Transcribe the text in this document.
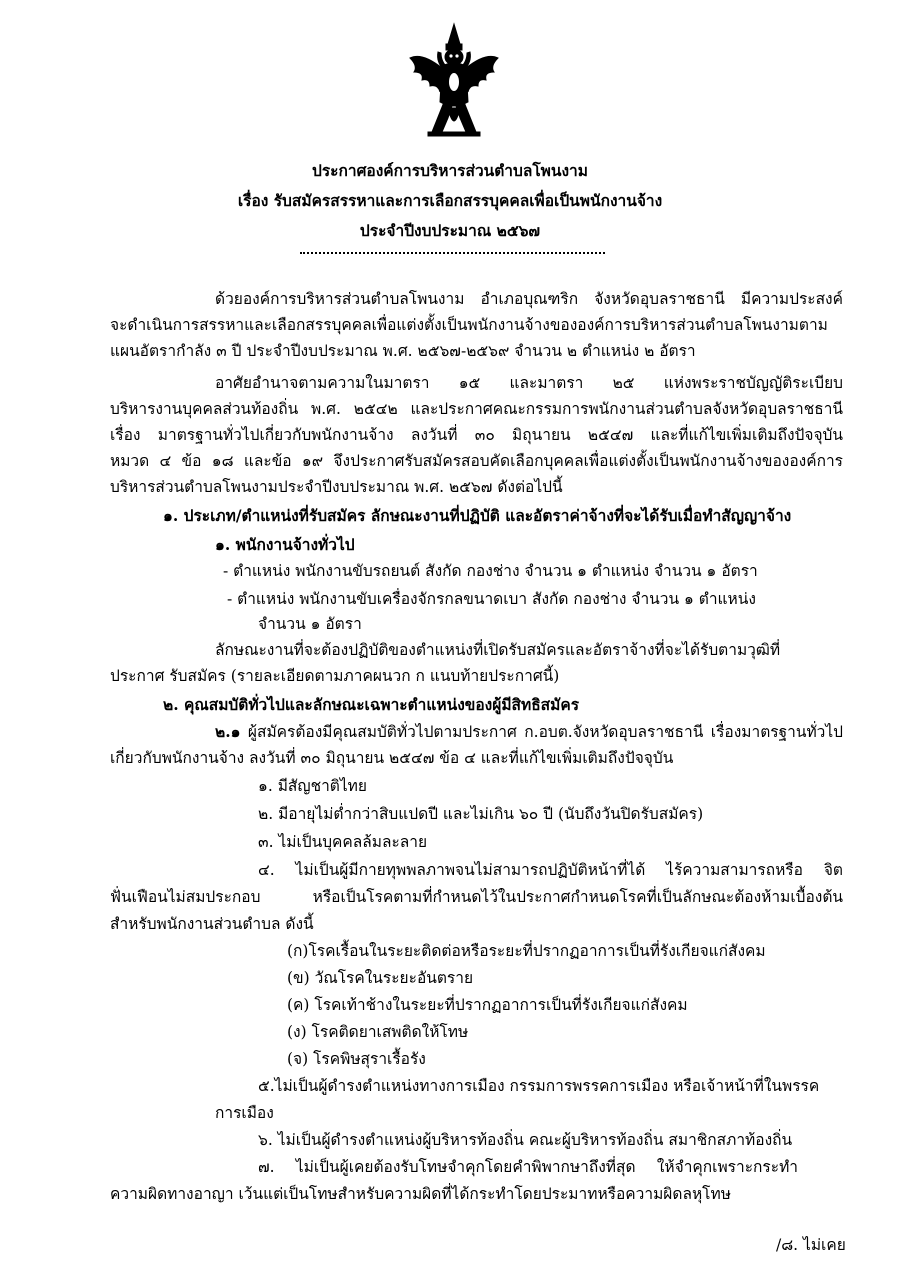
ประกาศองค์การบริหารส่วนตำบลโพนงาม
เรื่อง รับสมัครสรรหาและการเลือกสรรบุคคลเพื่อเป็นพนักงานจ้าง
ประจำปีงบประมาณ ๒๕๖๗
ด้วยองค์การบริหารส่วนตำบลโพนงาม อำเภอบุณฑริก จังหวัดอุบลราชธานี มีความประสงค์
จะดำเนินการสรรหาและเลือกสรรบุคคลเพื่อแต่งตั้งเป็นพนักงานจ้างขององค์การบริหารส่วนตำบลโพนงามตาม
แผนอัตรากำลัง ๓ ปี ประจำปีงบประมาณ พ.ศ. ๒๕๖๗-๒๕๖๙ จำนวน ๒ ตำแหน่ง ๒ อัตรา
อาศัยอำนาจตามความในมาตรา ๑๕ และมาตรา ๒๕ แห่งพระราชบัญญัติระเบียบ
บริหารงานบุคคลส่วนท้องถิ่น พ.ศ. ๒๕๔๒ และประกาศคณะกรรมการพนักงานส่วนตำบลจังหวัดอุบลราชธานี
เรื่อง มาตรฐานทั่วไปเกี่ยวกับพนักงานจ้าง ลงวันที่ ๓๐ มิถุนายน ๒๕๔๗ และที่แก้ไขเพิ่มเติมถึงปัจจุบัน
หมวด ๔ ข้อ ๑๘ และข้อ ๑๙ จึงประกาศรับสมัครสอบคัดเลือกบุคคลเพื่อแต่งตั้งเป็นพนักงานจ้างขององค์การ
บริหารส่วนตำบลโพนงามประจำปีงบประมาณ พ.ศ. ๒๕๖๗ ดังต่อไปนี้
๑. ประเภท/ตำแหน่งที่รับสมัคร ลักษณะงานที่ปฏิบัติ และอัตราค่าจ้างที่จะได้รับเมื่อทำสัญญาจ้าง
๑. พนักงานจ้างทั่วไป
- ตำแหน่ง พนักงานขับรถยนต์ สังกัด กองช่าง จำนวน ๑ ตำแหน่ง จำนวน ๑ อัตรา
- ตำแหน่ง พนักงานขับเครื่องจักรกลขนาดเบา สังกัด กองช่าง จำนวน ๑ ตำแหน่ง
จำนวน ๑ อัตรา
ลักษณะงานที่จะต้องปฏิบัติของตำแหน่งที่เปิดรับสมัครและอัตราจ้างที่จะได้รับตามวุฒิที่
ประกาศ รับสมัคร (รายละเอียดตามภาคผนวก ก แนบท้ายประกาศนี้)
๒. คุณสมบัติทั่วไปและลักษณะเฉพาะตำแหน่งของผู้มีสิทธิสมัคร
๒.๑ ผู้สมัครต้องมีคุณสมบัติทั่วไปตามประกาศ ก.อบต.จังหวัดอุบลราชธานี เรื่องมาตรฐานทั่วไป
เกี่ยวกับพนักงานจ้าง ลงวันที่ ๓๐ มิถุนายน ๒๕๔๗ ข้อ ๔ และที่แก้ไขเพิ่มเติมถึงปัจจุบัน
๑. มีสัญชาติไทย
๒. มีอายุไม่ต่ำกว่าสิบแปดปี และไม่เกิน ๖๐ ปี (นับถึงวันปิดรับสมัคร)
๓. ไม่เป็นบุคคลล้มละลาย
๔. ไม่เป็นผู้มีกายทุพพลภาพจนไม่สามารถปฏิบัติหน้าที่ได้ ไร้ความสามารถหรือ จิต
ฟั่นเฟือนไม่สมประกอบ หรือเป็นโรคตามที่กำหนดไว้ในประกาศกำหนดโรคที่เป็นลักษณะต้องห้ามเบื้องต้น
สำหรับพนักงานส่วนตำบล ดังนี้
(ก)โรคเรื้อนในระยะติดต่อหรือระยะที่ปรากฏอาการเป็นที่รังเกียจแก่สังคม
(ข) วัณโรคในระยะอันตราย
(ค) โรคเท้าช้างในระยะที่ปรากฏอาการเป็นที่รังเกียจแก่สังคม
(ง) โรคติดยาเสพติดให้โทษ
(จ) โรคพิษสุราเรื้อรัง
๕.ไม่เป็นผู้ดำรงตำแหน่งทางการเมือง กรรมการพรรคการเมือง หรือเจ้าหน้าที่ในพรรค
การเมือง
๖. ไม่เป็นผู้ดำรงตำแหน่งผู้บริหารท้องถิ่น คณะผู้บริหารท้องถิ่น สมาชิกสภาท้องถิ่น
๗. ไม่เป็นผู้เคยต้องรับโทษจำคุกโดยคำพิพากษาถึงที่สุด ให้จำคุกเพราะกระทำ
ความผิดทางอาญา เว้นแต่เป็นโทษสำหรับความผิดที่ได้กระทำโดยประมาทหรือความผิดลหุโทษ
/๘. ไม่เคย
